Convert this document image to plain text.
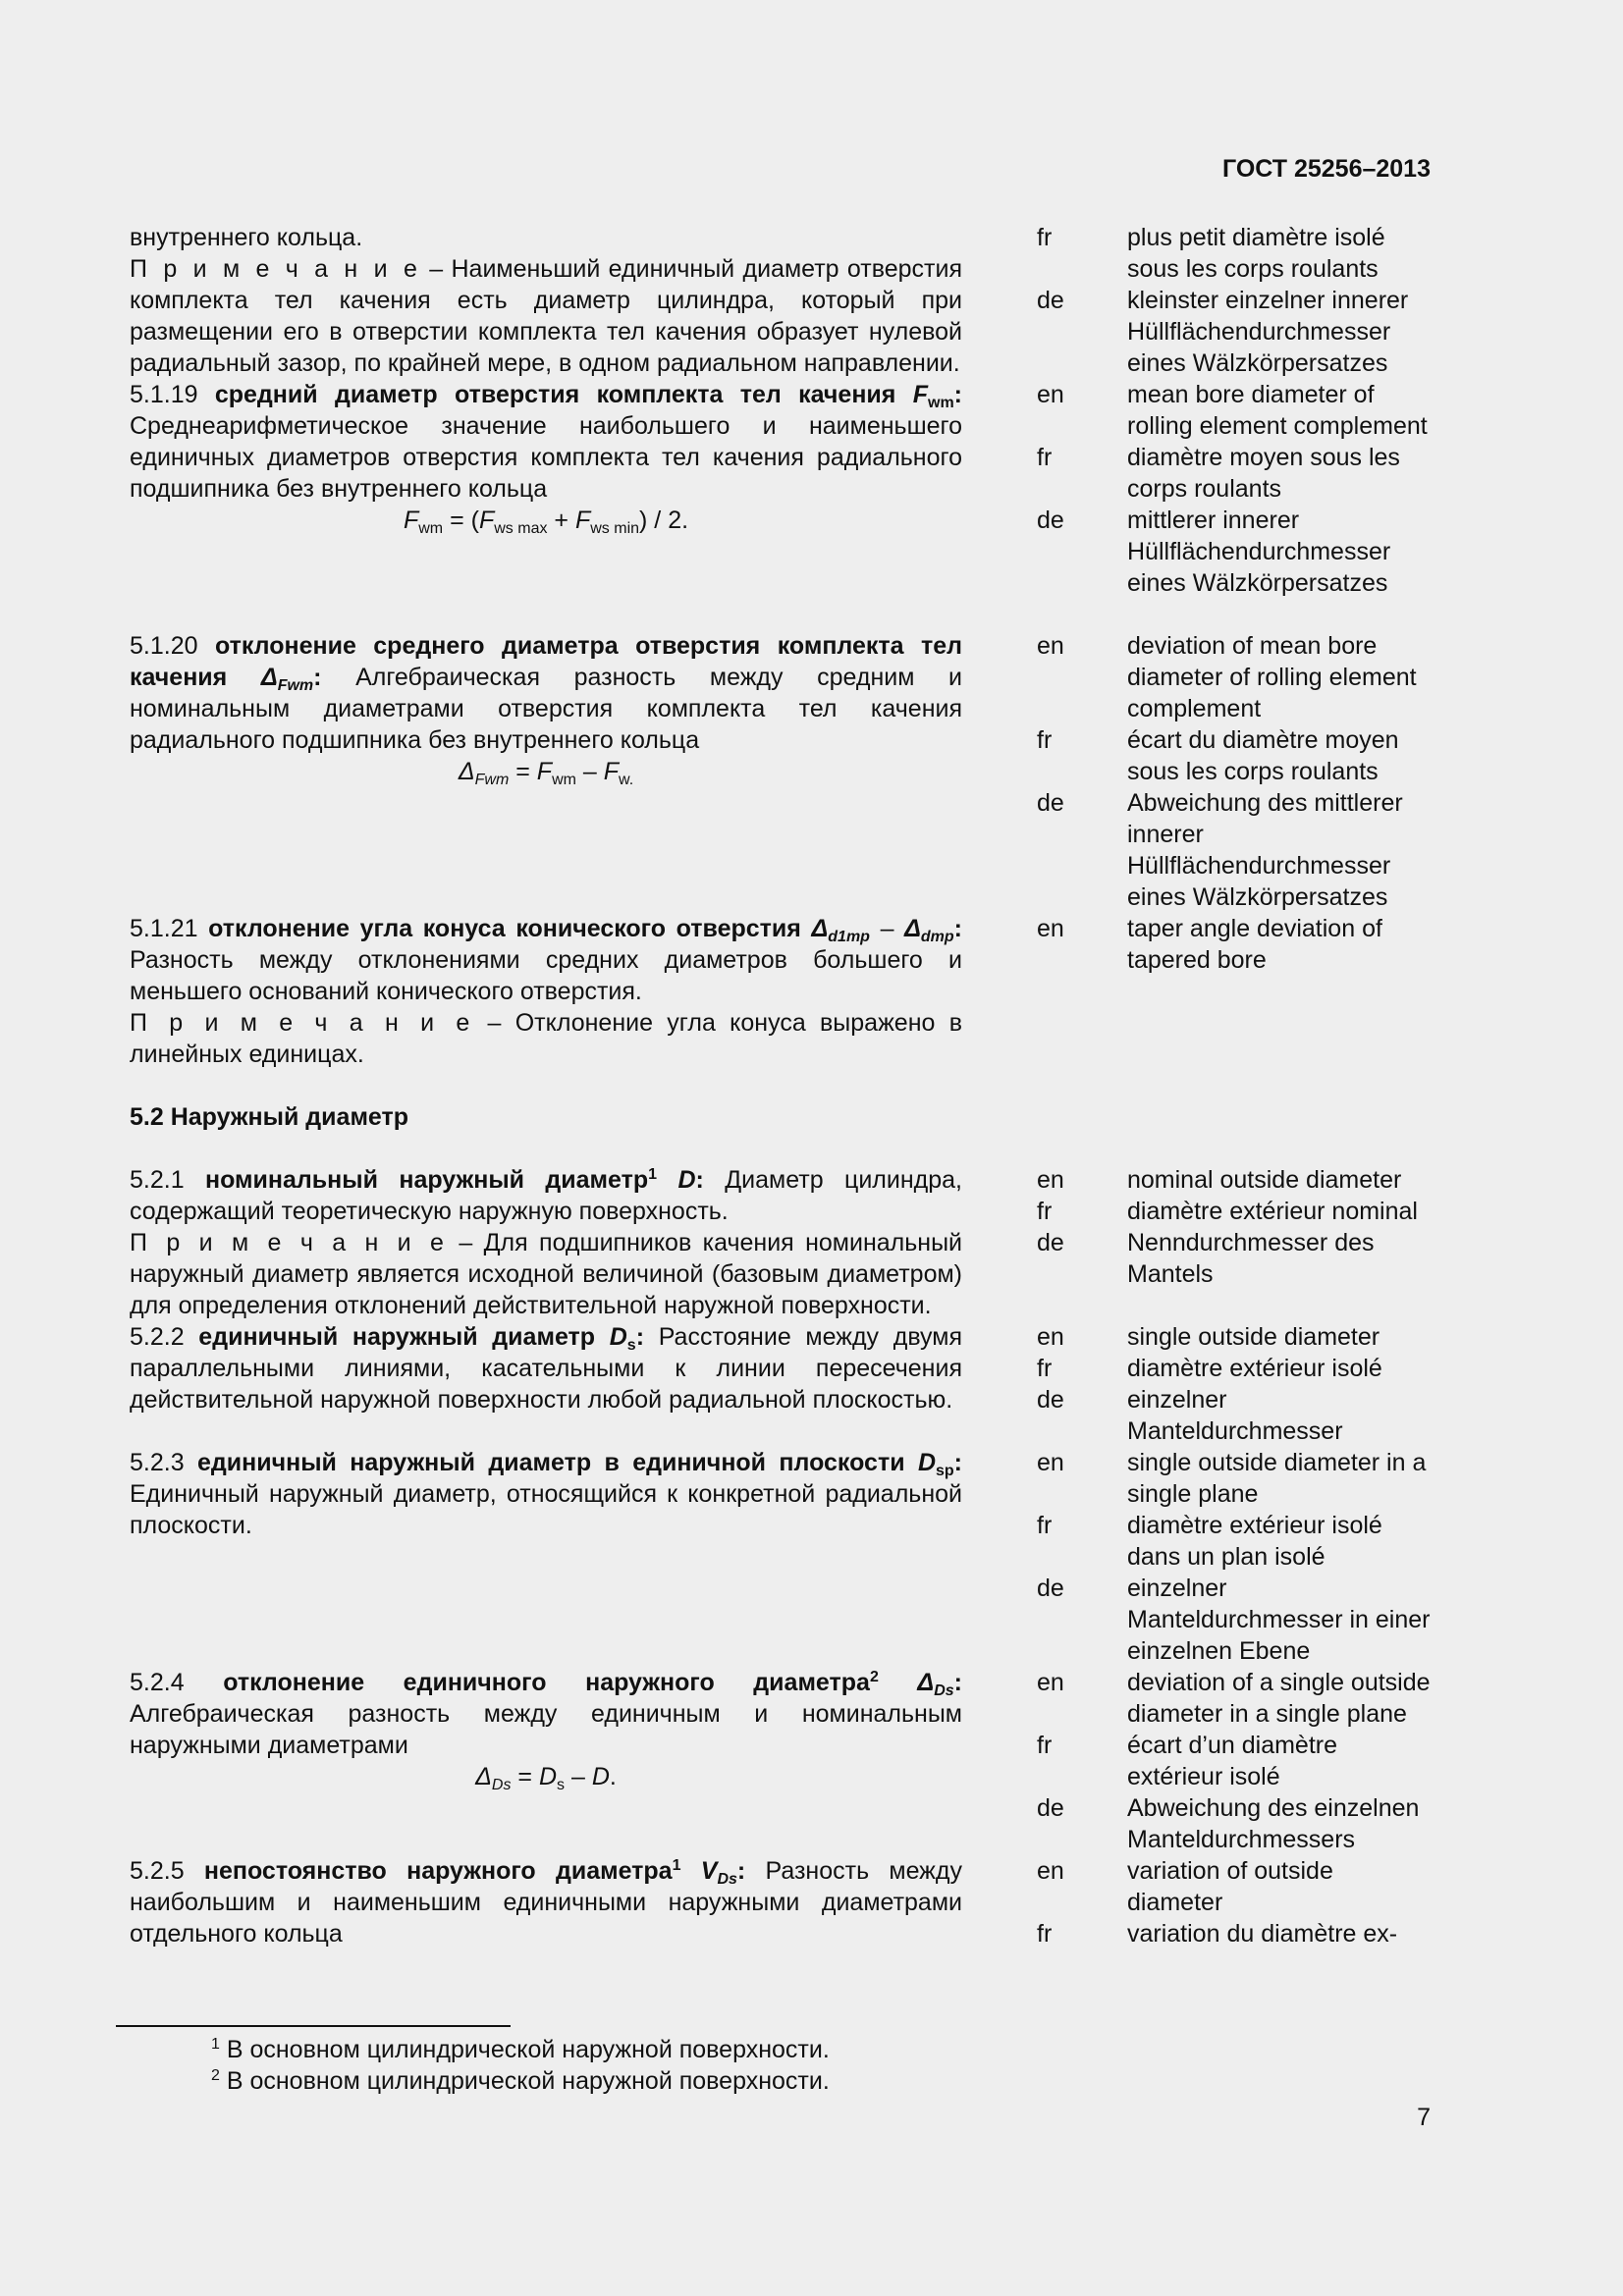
ГОСТ 25256–2013
внутреннего кольца.
П р и м е ч а н и е – Наименьший единичный диаметр отверстия комплекта тел качения есть диаметр цилиндра, который при размещении его в отверстии комплекта тел качения образует нулевой радиальный зазор, по крайней мере, в одном радиальном направлении.
fr	plus petit diamètre isolé sous les corps roulants
de	kleinster einzelner innerer Hüllflächendurchmesser eines Wälzkörpersatzes
5.1.19 средний диаметр отверстия комплекта тел качения $F_{wm}$: Среднеарифметическое значение наибольшего и наименьшего единичных диаметров отверстия комплекта тел качения радиального подшипника без внутреннего кольца
$F_{wm} = (F_{ws max} + F_{ws min}) / 2$.
en	mean bore diameter of rolling element complement
fr	diamètre moyen sous les corps roulants
de	mittlerer innerer Hüllflächendurchmesser eines Wälzkörpersatzes
5.1.20 отклонение среднего диаметра отверстия комплекта тел качения $\Delta_{Fwm}$: Алгебраическая разность между средним и номинальным диаметрами отверстия комплекта тел качения радиального подшипника без внутреннего кольца
$\Delta_{Fwm} = F_{wm} - F_{w.}$
en	deviation of mean bore diameter of rolling element complement
fr	écart du diamètre moyen sous les corps roulants
de	Abweichung des mittlerer innerer Hüllflächendurchmesser eines Wälzkörpersatzes
5.1.21 отклонение угла конуса конического отверстия $\Delta_{d1mp} - \Delta_{dmp}$: Разность между отклонениями средних диаметров большего и меньшего оснований конического отверстия.
П р и м е ч а н и е – Отклонение угла конуса выражено в линейных единицах.
en	taper angle deviation of tapered bore
5.2 Наружный диаметр
5.2.1 номинальный наружный диаметр$^1$ D: Диаметр цилиндра, содержащий теоретическую наружную поверхность.
П р и м е ч а н и е – Для подшипников качения номинальный наружный диаметр является исходной величиной (базовым диаметром) для определения отклонений действительной наружной поверхности.
en	nominal outside diameter
fr	diamètre extérieur nominal
de	Nenndurchmesser des Mantels
5.2.2 единичный наружный диаметр $D_s$: Расстояние между двумя параллельными линиями, касательными к линии пересечения действительной наружной поверхности любой радиальной плоскостью.
en	single outside diameter
fr	diamètre extérieur isolé
de	einzelner Manteldurchmesser
5.2.3 единичный наружный диаметр в единичной плоскости $D_{sp}$: Единичный наружный диаметр, относящийся к конкретной радиальной плоскости.
en	single outside diameter in a single plane
fr	diamètre extérieur isolé dans un plan isolé
de	einzelner Manteldurchmesser in einer einzelnen Ebene
5.2.4 отклонение единичного наружного диаметра$^2$ $\Delta_{Ds}$: Алгебраическая разность между единичным и номинальным наружными диаметрами
$\Delta_{Ds} = D_s - D$.
en	deviation of a single outside diameter in a single plane
fr	écart d’un diamètre extérieur isolé
de	Abweichung des einzelnen Manteldurchmessers
5.2.5 непостоянство наружного диаметра$^1$ $V_{Ds}$: Разность между наибольшим и наименьшим единичными наружными диаметрами отдельного кольца
en	variation of outside diameter
fr	variation du diamètre ex-
$^1$ В основном цилиндрической наружной поверхности.
$^2$ В основном цилиндрической наружной поверхности.
7
